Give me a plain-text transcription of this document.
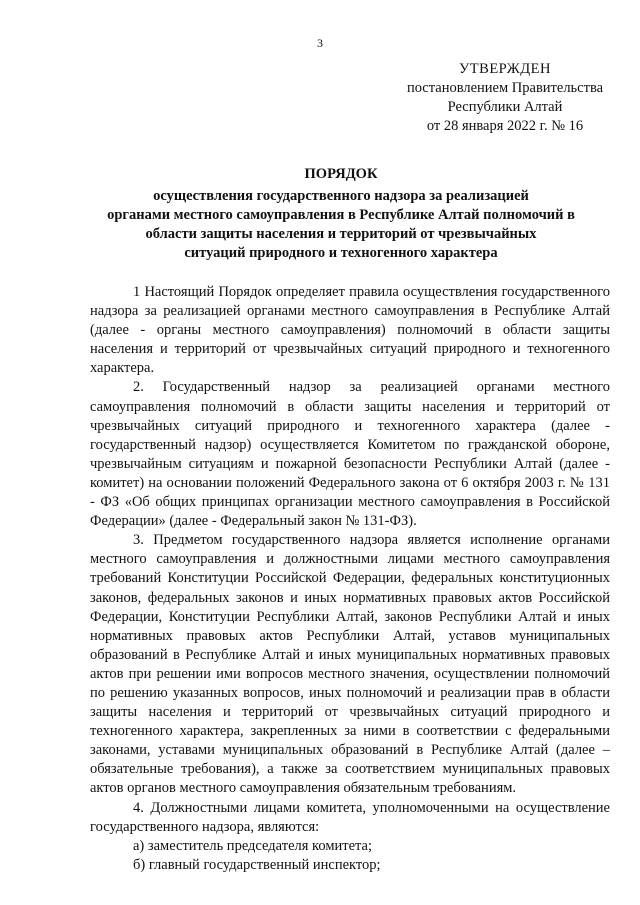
3
УТВЕРЖДЕН
постановлением Правительства
Республики Алтай
от 28 января 2022 г. № 16
ПОРЯДОК
осуществления государственного надзора за реализацией
органами местного самоуправления в Республике Алтай полномочий в
области защиты населения и территорий от чрезвычайных
ситуаций природного и техногенного характера

1 Настоящий Порядок определяет правила осуществления государственного надзора за реализацией органами местного самоуправления в Республике Алтай (далее - органы местного самоуправления) полномочий в области защиты населения и территорий от чрезвычайных ситуаций природного и техногенного характера.

2. Государственный надзор за реализацией органами местного самоуправления полномочий в области защиты населения и территорий от чрезвычайных ситуаций природного и техногенного характера (далее - государственный надзор) осуществляется Комитетом по гражданской обороне, чрезвычайным ситуациям и пожарной безопасности Республики Алтай (далее - комитет) на основании положений Федерального закона от 6 октября 2003 г. № 131 - ФЗ «Об общих принципах организации местного самоуправления в Российской Федерации» (далее - Федеральный закон № 131-ФЗ).

3. Предметом государственного надзора является исполнение органами местного самоуправления и должностными лицами местного самоуправления требований Конституции Российской Федерации, федеральных конституционных законов, федеральных законов и иных нормативных правовых актов Российской Федерации, Конституции Республики Алтай, законов Республики Алтай и иных нормативных правовых актов Республики Алтай, уставов муниципальных образований в Республике Алтай и иных муниципальных нормативных правовых актов при решении ими вопросов местного значения, осуществлении полномочий по решению указанных вопросов, иных полномочий и реализации прав в области защиты населения и территорий от чрезвычайных ситуаций природного и техногенного характера, закрепленных за ними в соответствии с федеральными законами, уставами муниципальных образований в Республике Алтай (далее – обязательные требования), а также за соответствием муниципальных правовых актов органов местного самоуправления обязательным требованиям.

4. Должностными лицами комитета, уполномоченными на осуществление государственного надзора, являются:

а) заместитель председателя комитета;

б) главный государственный инспектор;
